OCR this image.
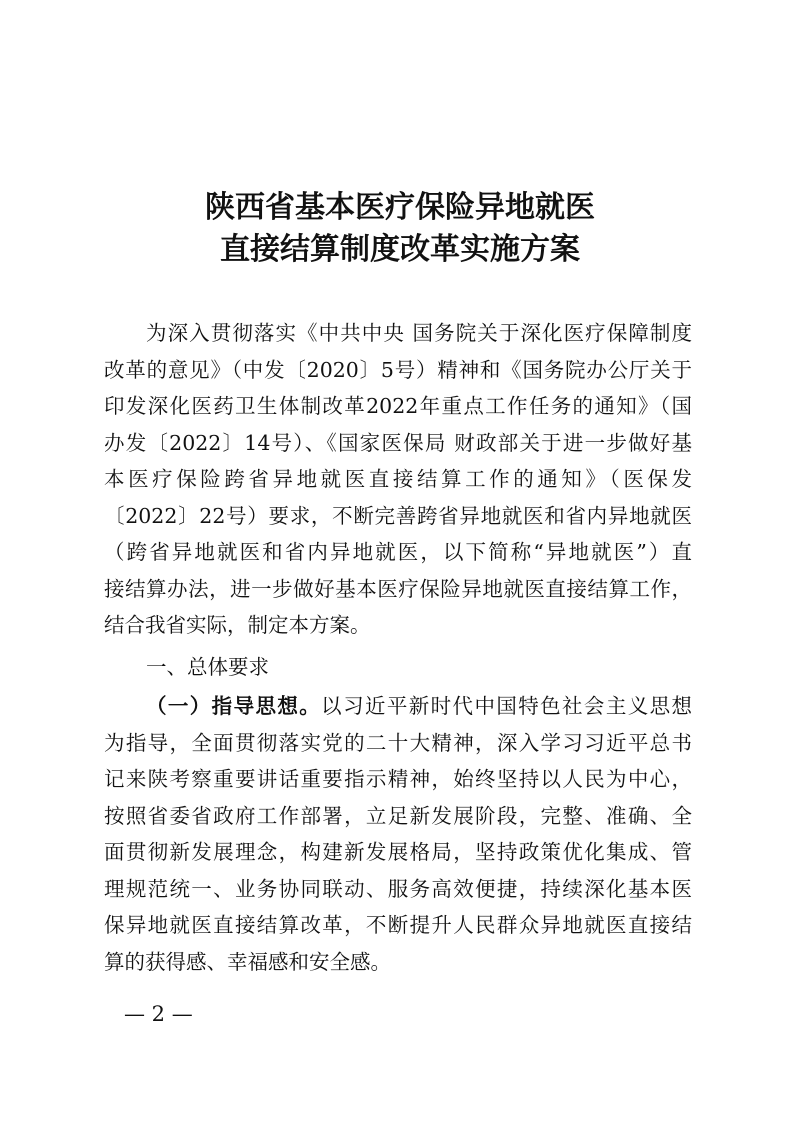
陕西省基本医疗保险异地就医
直接结算制度改革实施方案
为深入贯彻落实《中共中央 国务院关于深化医疗保障制度
改革的意见》（中发〔2020〕5号）精神和《国务院办公厅关于
印发深化医药卫生体制改革2022年重点工作任务的通知》（国
办发〔2022〕14号）、《国家医保局 财政部关于进一步做好基
本医疗保险跨省异地就医直接结算工作的通知》（医保发
〔2022〕22号）要求，不断完善跨省异地就医和省内异地就医
（跨省异地就医和省内异地就医，以下简称“异地就医”）直
接结算办法，进一步做好基本医疗保险异地就医直接结算工作，
结合我省实际，制定本方案。
一、总体要求
（一）指导思想。以习近平新时代中国特色社会主义思想
为指导，全面贯彻落实党的二十大精神，深入学习习近平总书
记来陕考察重要讲话重要指示精神，始终坚持以人民为中心，
按照省委省政府工作部署，立足新发展阶段，完整、准确、全
面贯彻新发展理念，构建新发展格局，坚持政策优化集成、管
理规范统一、业务协同联动、服务高效便捷，持续深化基本医
保异地就医直接结算改革，不断提升人民群众异地就医直接结
算的获得感、幸福感和安全感。
— 2 —
